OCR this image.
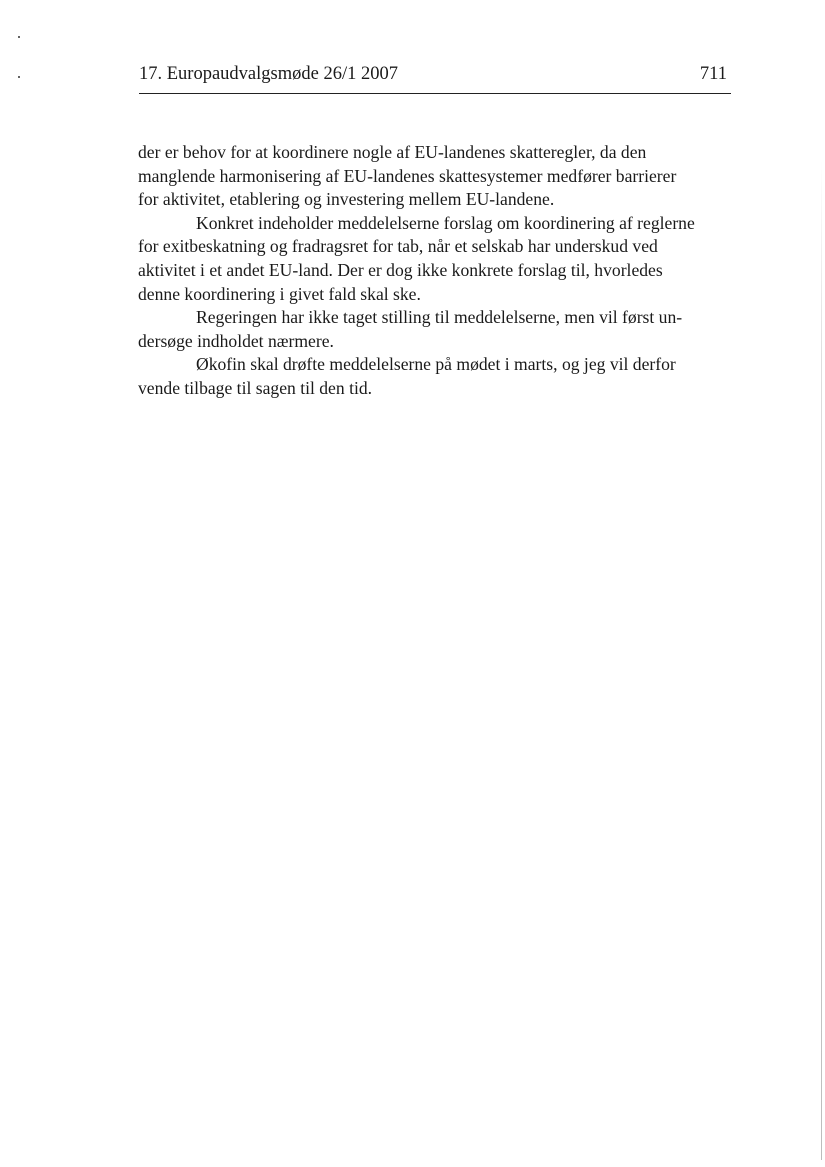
17. Europaudvalgsmøde 26/1 2007	711
der er behov for at koordinere nogle af EU-landenes skatteregler, da den
manglende harmonisering af EU-landenes skattesystemer medfører barrierer
for aktivitet, etablering og investering mellem EU-landene.
Konkret indeholder meddelelserne forslag om koordinering af reglerne
for exitbeskatning og fradragsret for tab, når et selskab har underskud ved
aktivitet i et andet EU-land. Der er dog ikke konkrete forslag til, hvorledes
denne koordinering i givet fald skal ske.
Regeringen har ikke taget stilling til meddelelserne, men vil først un-
dersøge indholdet nærmere.
Økofin skal drøfte meddelelserne på mødet i marts, og jeg vil derfor
vende tilbage til sagen til den tid.
